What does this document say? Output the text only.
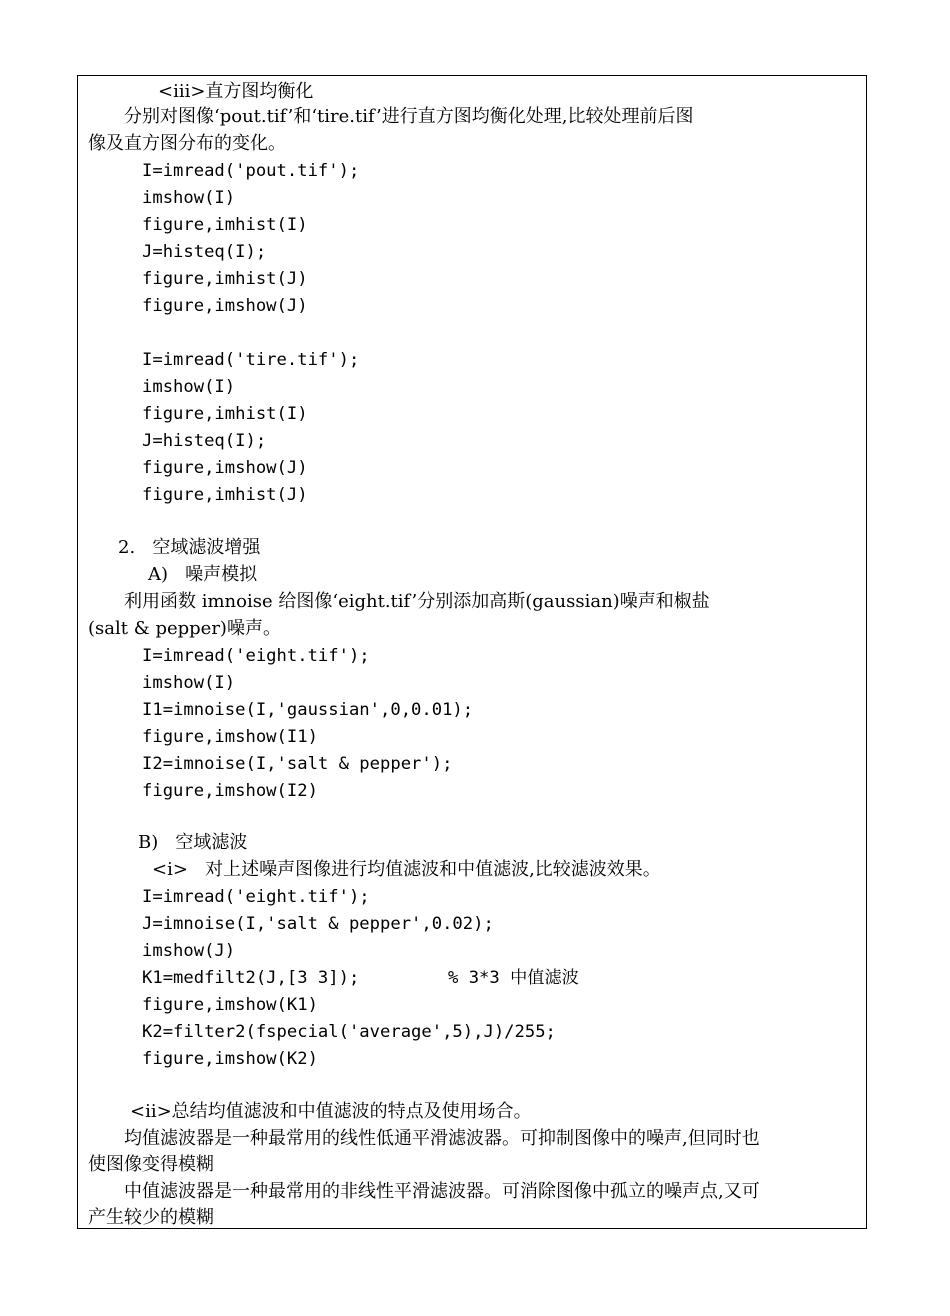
<iii>直方图均衡化
分别对图像‘pout.tif’和‘tire.tif’进行直方图均衡化处理,比较处理前后图
像及直方图分布的变化。
I=imread('pout.tif');
imshow(I)
figure,imhist(I)
J=histeq(I);
figure,imhist(J)
figure,imshow(J)
I=imread('tire.tif');
imshow(I)
figure,imhist(I)
J=histeq(I);
figure,imshow(J)
figure,imhist(J)
2.   空域滤波增强
A)   噪声模拟
利用函数 imnoise 给图像‘eight.tif’分别添加高斯(gaussian)噪声和椒盐
(salt & pepper)噪声。
I=imread('eight.tif');
imshow(I)
I1=imnoise(I,'gaussian',0,0.01);
figure,imshow(I1)
I2=imnoise(I,'salt & pepper');
figure,imshow(I2)
B)   空域滤波
<i>   对上述噪声图像进行均值滤波和中值滤波,比较滤波效果。
I=imread('eight.tif');
J=imnoise(I,'salt & pepper',0.02);
imshow(J)
K1=medfilt2(J,[3 3]);	% 3*3 中值滤波
figure,imshow(K1)
K2=filter2(fspecial('average',5),J)/255;
figure,imshow(K2)
<ii>总结均值滤波和中值滤波的特点及使用场合。
均值滤波器是一种最常用的线性低通平滑滤波器。可抑制图像中的噪声,但同时也
使图像变得模糊
中值滤波器是一种最常用的非线性平滑滤波器。可消除图像中孤立的噪声点,又可
产生较少的模糊
